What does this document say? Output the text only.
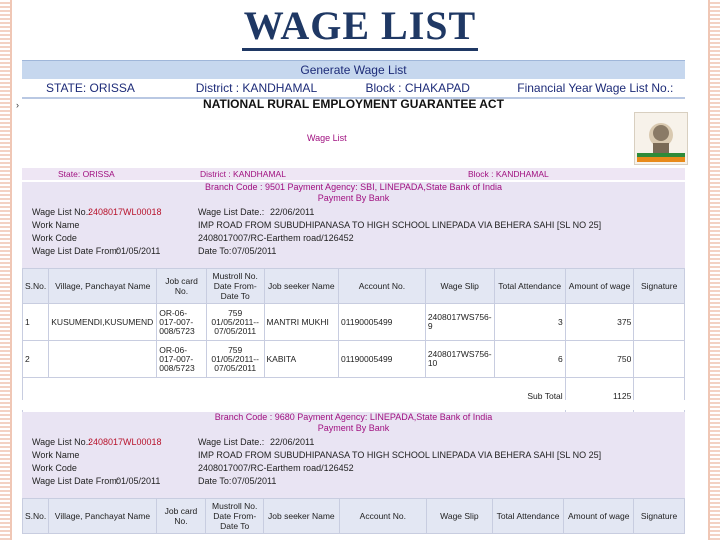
WAGE LIST
›
Generate Wage List
STATE: ORISSA	District : KANDHAMAL	Block : CHAKAPAD	Financial Year Wage List No.:
NATIONAL RURAL EMPLOYMENT GUARANTEE ACT
Wage List
State: ORISSA	District : KANDHAMAL	Block : KANDHAMAL
Branch Code : 9501 Payment Agency: SBI, LINEPADA,State Bank of India
Payment By Bank
Wage List No.:
2408017WL00018	Wage List Date.: 22/06/2011
Work Name	IMP ROAD FROM SUBUDHIPANASA TO HIGH SCHOOL LINEPADA VIA BEHERA SAHI [SL NO 25]
Work Code	2408017007/RC-Earthem road/126452
Wage List Date From:
01/05/2011	Date To: 07/05/2011
S.No.	Village, Panchayat Name	Job card No.	Mustroll No. Date From- Date To	Job seeker Name	Account No.	Wage Slip	Total Attendance	Amount of wage	Signature
1	KUSUMENDI,KUSUMEND	OR-06-017-007-008/5723	759 01/05/2011-- 07/05/2011	MANTRI MUKHI	01190005499	2408017WS756-9	3	375	
2		OR-06-017-007-008/5723	759 01/05/2011-- 07/05/2011	KABITA	01190005499	2408017WS756-10	6	750	
Sub Total								1125	
Branch Code : 9680 Payment Agency: LINEPADA,State Bank of India
Payment By Bank
Wage List No.:
2408017WL00018	Wage List Date.: 22/06/2011
Work Name	IMP ROAD FROM SUBUDHIPANASA TO HIGH SCHOOL LINEPADA VIA BEHERA SAHI [SL NO 25]
Work Code	2408017007/RC-Earthem road/126452
Wage List Date From:
01/05/2011	Date To: 07/05/2011
S.No.	Village, Panchayat Name	Job card No.	Mustroll No. Date From- Date To	Job seeker Name	Account No.	Wage Slip	Total Attendance	Amount of wage	Signature
